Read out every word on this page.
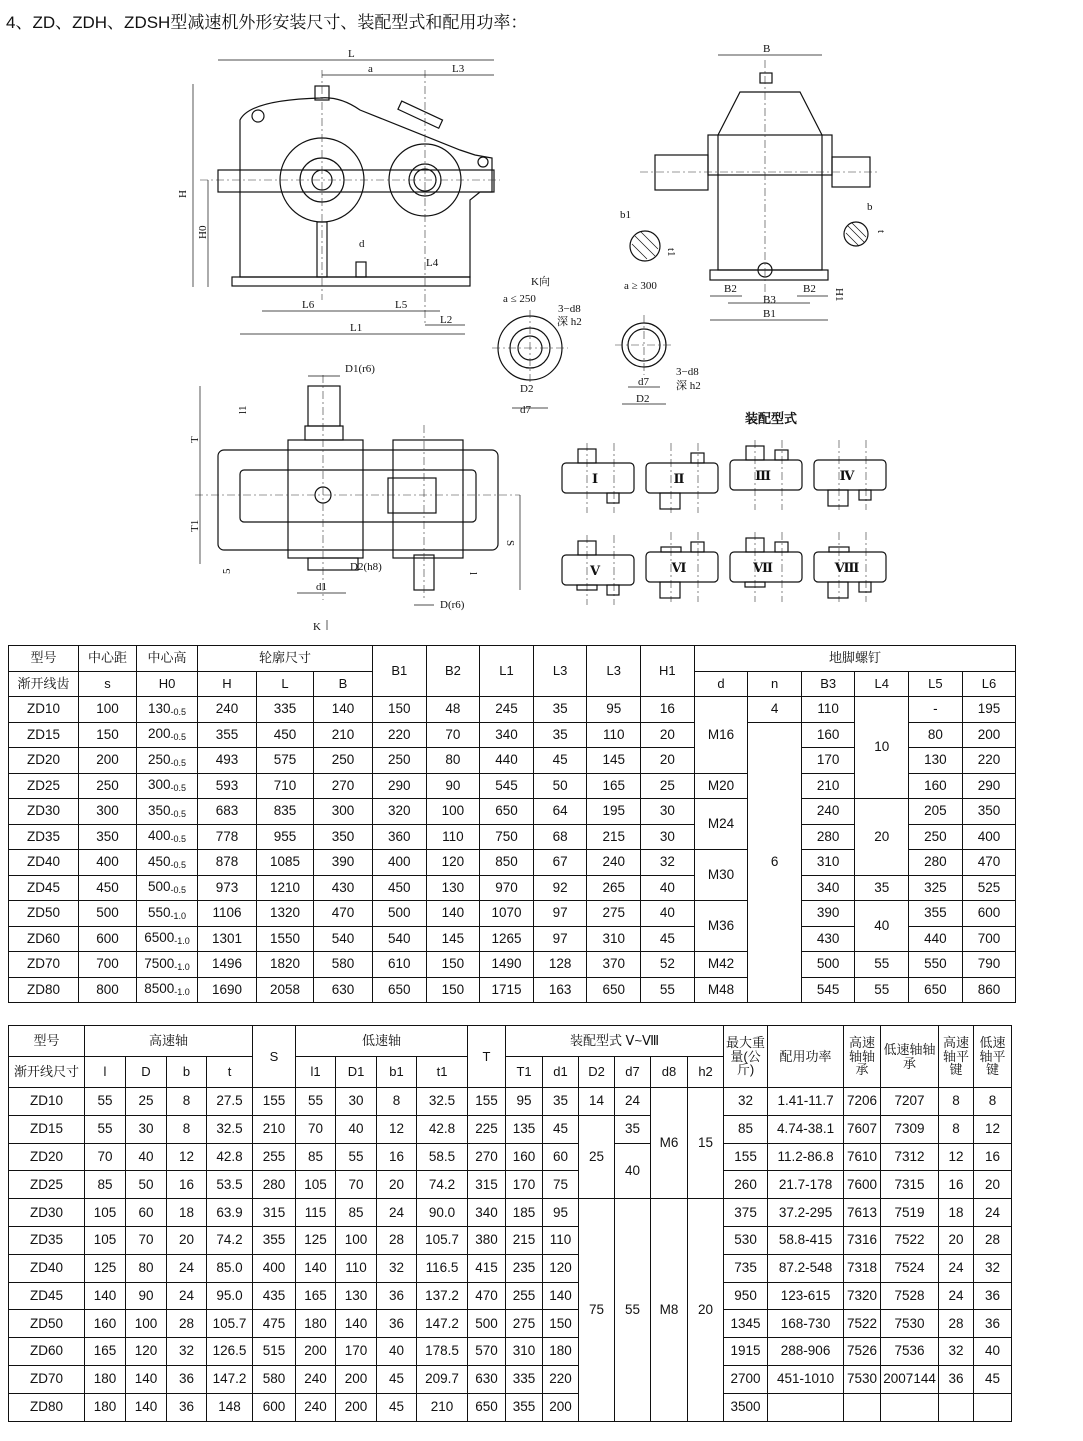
4、ZD、ZDH、ZDSH型减速机外形安装尺寸、装配型式和配用功率：
L
a	L3
H
H0
d
L4
L6	L5
L2
L1
B
b1
t1
a ≥ 300
b
t
B2
B3
B2
B1
H1
K向
a ≤ 250
3−d8
深 h2
D2
d7
3−d8
深 h2
d7
D2
D1(r6)
l1
T
T1
S
5	D2(h8)
d1
l
D(r6)
K
装配型式
Ⅰ	Ⅱ	Ⅲ	Ⅳ
Ⅴ	Ⅵ	Ⅶ	Ⅷ
型号	中心距	中心高	轮廓尺寸			B1	B2	L1	L3	L3	H1	地脚螺钉					
渐开线齿	s	H0	H	L	B							d	n	B3	L4	L5	L6
ZD10	100	$130_{-0.5}$	240	335	140	150	48	245	35	95	16	M16	4	110	10	-	195
ZD15	150	$200_{-0.5}$	355	450	210	220	70	340	35	110	20		6	160		80	200
ZD20	200	$250_{-0.5}$	493	575	250	250	80	440	45	145	20			170		130	220
ZD25	250	$300_{-0.5}$	593	710	270	290	90	545	50	165	25	M20		210		160	290
ZD30	300	$350_{-0.5}$	683	835	300	320	100	650	64	195	30	M24		240	20	205	350
ZD35	350	$400_{-0.5}$	778	955	350	360	110	750	68	215	30			280		250	400
ZD40	400	$450_{-0.5}$	878	1085	390	400	120	850	67	240	32	M30		310		280	470
ZD45	450	$500_{-0.5}$	973	1210	430	450	130	970	92	265	40			340	35	325	525
ZD50	500	$550_{-1.0}$	1106	1320	470	500	140	1070	97	275	40	M36		390	40	355	600
ZD60	600	$6500_{-1.0}$	1301	1550	540	540	145	1265	97	310	45			430		440	700
ZD70	700	$7500_{-1.0}$	1496	1820	580	610	150	1490	128	370	52	M42		500	55	550	790
ZD80	800	$8500_{-1.0}$	1690	2058	630	650	150	1715	163	650	55	M48		545	55	650	860
型号	高速轴				S	低速轴				T	装配型式 Ⅴ~Ⅷ						最大重量(公斤)	配用功率	高速轴轴承	低速轴轴承	高速轴平键	低速轴平键
渐开线尺寸	l	D	b	t		l1	D1	b1	t1		T1	d1	D2	d7	d8	h2						
ZD10	55	25	8	27.5	155	55	30	8	32.5	155	95	35	14	24	M6	15	32	1.41-11.7	7206	7207	8	8
ZD15	55	30	8	32.5	210	70	40	12	42.8	225	135	45	25	35			85	4.74-38.1	7607	7309	8	12
ZD20	70	40	12	42.8	255	85	55	16	58.5	270	160	60		40			155	11.2-86.8	7610	7312	12	16
ZD25	85	50	16	53.5	280	105	70	20	74.2	315	170	75					260	21.7-178	7600	7315	16	20
ZD30	105	60	18	63.9	315	115	85	24	90.0	340	185	95	75	55	M8	20	375	37.2-295	7613	7519	18	24
ZD35	105	70	20	74.2	355	125	100	28	105.7	380	215	110					530	58.8-415	7316	7522	20	28
ZD40	125	80	24	85.0	400	140	110	32	116.5	415	235	120					735	87.2-548	7318	7524	24	32
ZD45	140	90	24	95.0	435	165	130	36	137.2	470	255	140					950	123-615	7320	7528	24	36
ZD50	160	100	28	105.7	475	180	140	36	147.2	500	275	150					1345	168-730	7522	7530	28	36
ZD60	165	120	32	126.5	515	200	170	40	178.5	570	310	180					1915	288-906	7526	7536	32	40
ZD70	180	140	36	147.2	580	240	200	45	209.7	630	335	220					2700	451-1010	7530	2007144	36	45
ZD80	180	140	36	148	600	240	200	45	210	650	355	200					3500					
